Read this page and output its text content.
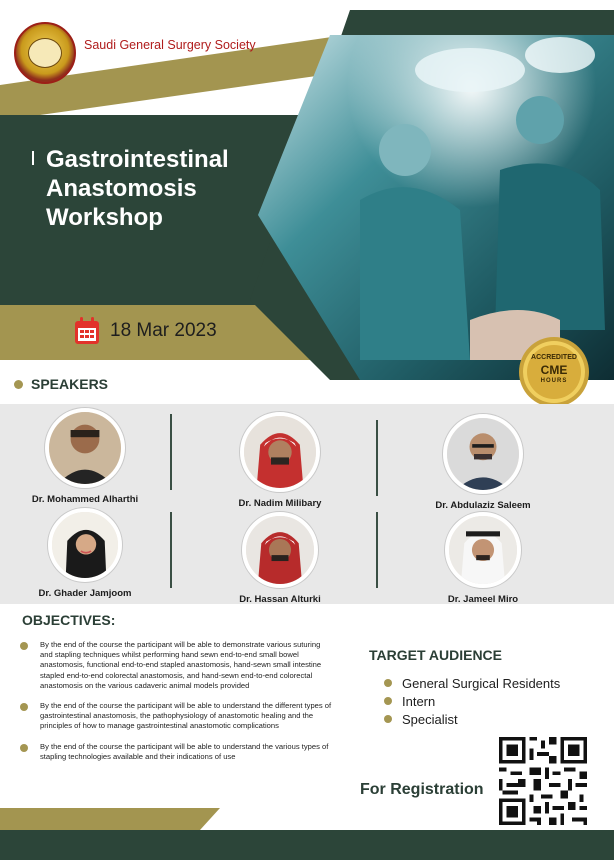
Saudi General Surgery Society
Gastrointestinal
Anastomosis
Workshop
18 Mar 2023
ACCREDITED
CME
HOURS
SPEAKERS
Dr. Mohammed Alharthi	Dr. Nadim Milibary	Dr. Abdulaziz Saleem
Dr. Ghader Jamjoom
Dr. Hassan Alturki	Dr. Jameel Miro
OBJECTIVES:
By the end of the course the participant will be able to demonstrate various suturing and stapling techniques whilst performing hand sewn end-to-end small bowel anastomosis, functional end-to-end stapled anastomosis, hand-sewn small intestine stapled end-to-end colorectal anastomosis, and hand-sewn end-to-end colorectal anastomosis on the various cadaveric animal models provided
By the end of the course the participant will be able to understand the different types of gastrointestinal anastomosis, the pathophysiology of anastomotic healing and the principles of how to manage gastrointestinal anastomotic complications
By the end of the course the participant will be able to understand the various types of stapling technologies available and their indications of use
TARGET AUDIENCE
General Surgical Residents
Intern
Specialist
For Registration
